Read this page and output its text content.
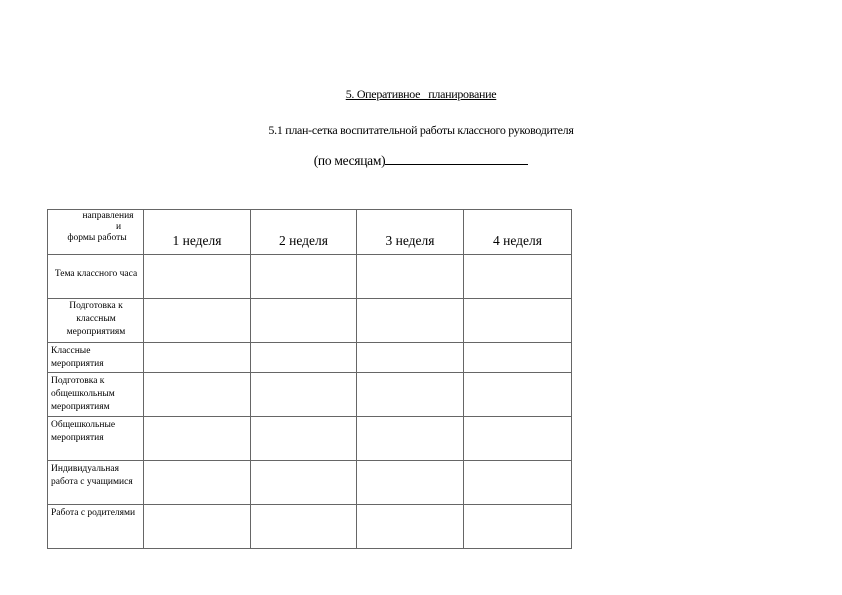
5. Оперативное   планирование
5.1 план-сетка воспитательной работы классного руководителя
(по месяцам)
направления
и
формы работы	1 неделя	2 неделя	3 неделя	4 неделя
Тема классного часа				
Подготовка к классным мероприятиям				
Классные мероприятия				
Подготовка к общешкольным мероприятиям				
Общешкольные мероприятия				
Индивидуальная работа с учащимися				
Работа с родителями				
